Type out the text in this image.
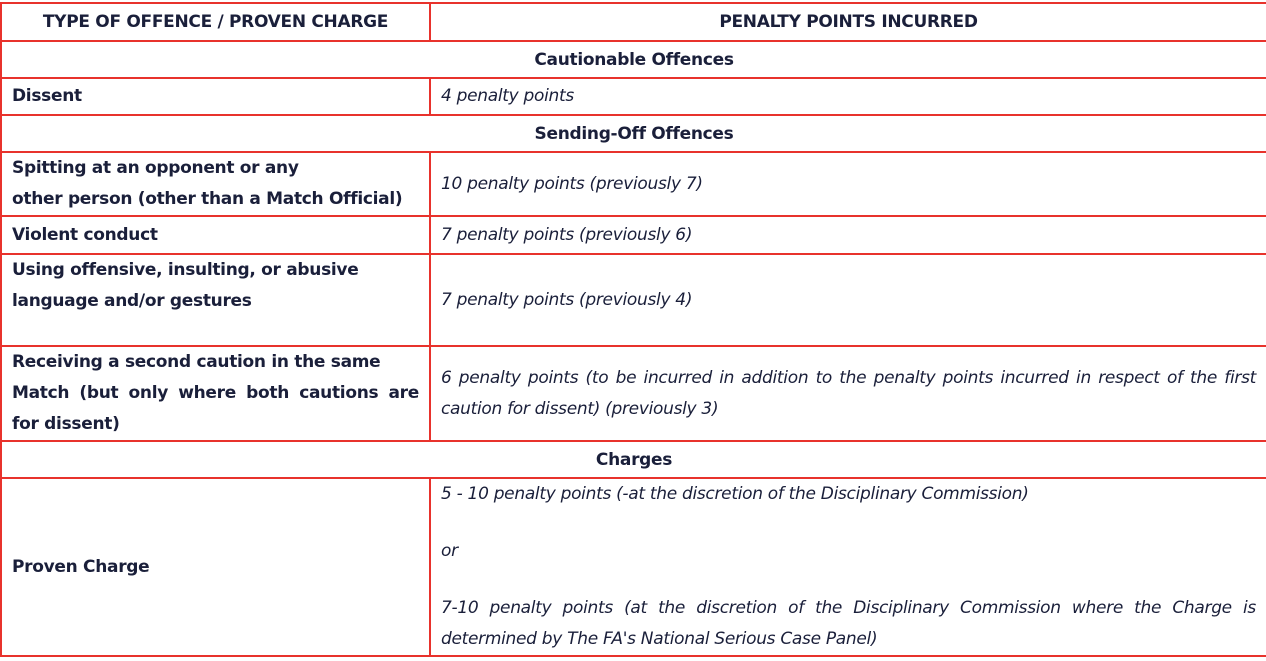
TYPE OF OFFENCE / PROVEN CHARGE	PENALTY POINTS INCURRED
Cautionable Offences	
Dissent	4 penalty points
Sending-Off Offences	

Spitting at an opponent or any
other person (other than a Match Official)	10 penalty points (previously 7)
Violent conduct	7 penalty points (previously 6)

Using offensive, insulting, or abusive
language and/or gestures	7 penalty points (previously 4)

Receiving a second caution in the same
Match (but only where both cautions are for dissent)	6 penalty points (to be incurred in addition to the penalty points incurred in respect of the first caution for dissent) (previously 3)
Charges	
Proven Charge	5 - 10 penalty points (-at the discretion of the Disciplinary Commission)
or
7-10 penalty points (at the discretion of the Disciplinary Commission where the Charge is determined by The FA's National Serious Case Panel)
